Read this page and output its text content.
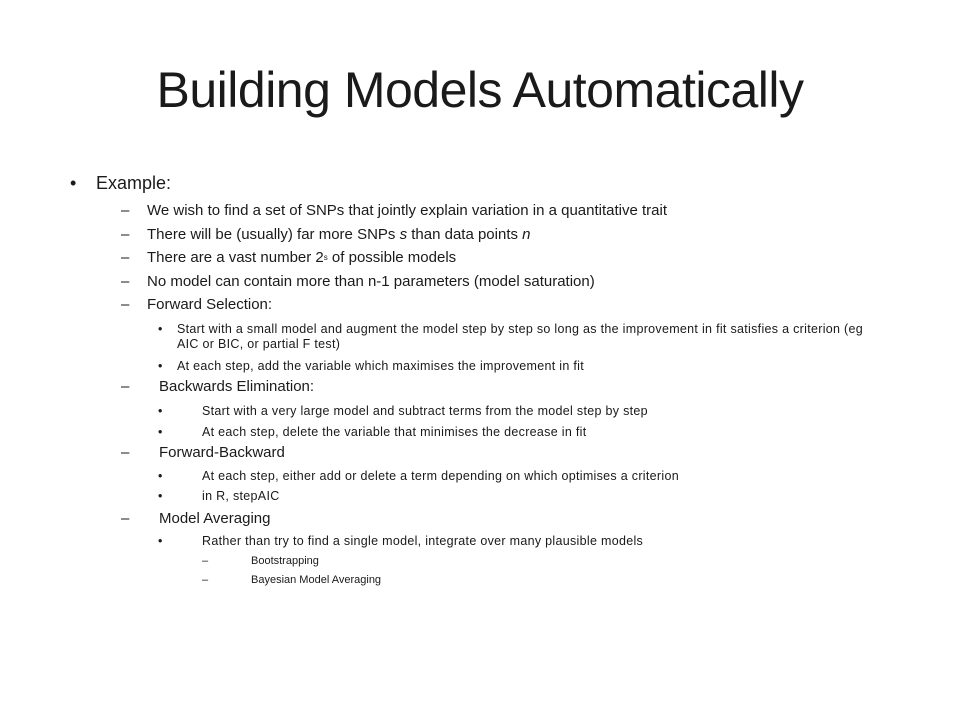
Building Models Automatically
• Example:
– We wish to find a set of SNPs that jointly explain variation in a quantitative trait
– There will be (usually) far more SNPs s than data points n
– There are a vast number 2$^s$ of possible models
– No model can contain more than n-1 parameters (model saturation)
– Forward Selection:
• Start with a small model and augment the model step by step so long as the improvement in fit satisfies a criterion (eg AIC or BIC, or partial F test)
• At each step, add the variable which maximises the improvement in fit
– Backwards Elimination:
•	Start with a very large model and subtract terms from the model step by step
•	At each step, delete the variable that minimises the decrease in fit
– Forward-Backward
•	At each step, either add or delete a term depending on which optimises a criterion
•	in R, stepAIC
– Model Averaging
•	Rather than try to find a single model, integrate over many plausible models
–	Bootstrapping
–	Bayesian Model Averaging
